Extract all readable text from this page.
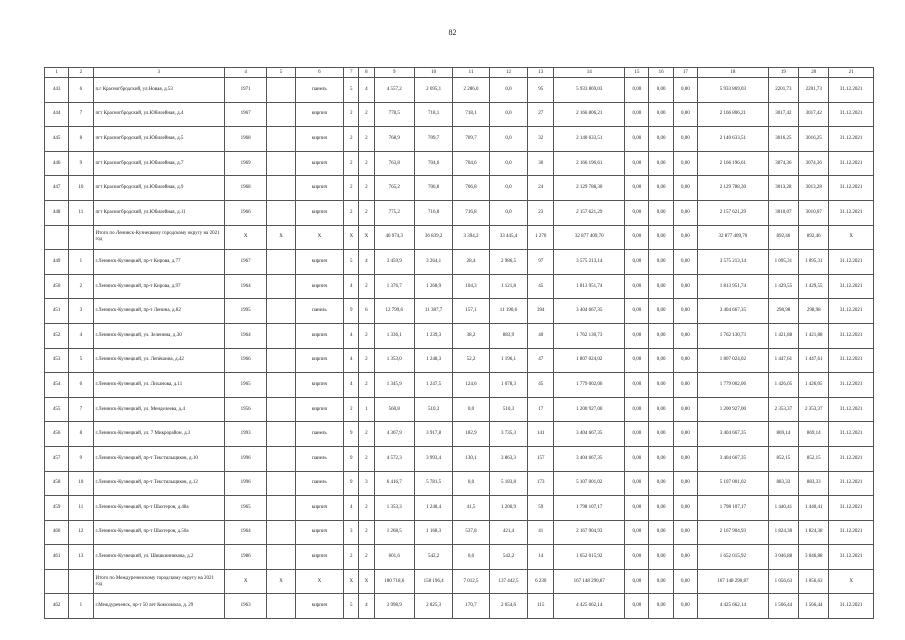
82
1	2	3	4	5	6	7	8	9	10	11	12	13	14	15	16	17	18	19	20	21
443	6	п.г Красногбродский, ул.Новая, д.53	1971		панель	5	4	4 557,2	2 695,1	2 286,0	0,0	95	5 933 869,03	0,00	0,00	0,00	5 933 869,03	2201,73	2201,73	31.12.2021
444	7	пгт Красногбродский, ул.Юбилейная, д.4	1967		кирпич	2	2	778,5	718,1	718,1	0,0	27	2 166 806,21	0,00	0,00	0,00	2 166 806,21	3017,42	3017,42	31.12.2021
445	8	пгт Красногбродский, ул.Юбилейная, д.5	1968		кирпич	2	2	768,9	709,7	709,7	0,0	32	2 140 633,51	0,00	0,00	0,00	2 140 633,51	3016,25	3016,25	31.12.2021
446	9	пгт Красногбродский, ул.Юбилейная, д.7	1969		кирпич	2	2	763,8	704,6	704,6	0,0	30	2 166 196,61	0,00	0,00	0,00	2 166 196,61	3074,36	3074,36	31.12.2021
447	10	пгт Красногбродский, ул.Юбилейная, д.9	1968		кирпич	2	2	765,2	706,8	706,8	0,0	24	2 129 788,30	0,00	0,00	0,00	2 129 788,30	3013,28	3013,28	31.12.2021
448	11	пгт Красногбродский, ул.Юбилейная, д.11	1966		кирпич	2	2	775,2	716,8	716,8	0,0	23	2 157 621,29	0,00	0,00	0,00	2 157 621,29	3010,07	3010,07	31.12.2021
		Итого по Ленинск-Кузнецкому городскому округу на 2021 год	X	X	X	X	X	40 974,3	36 839,2	3 394,2	33 445,4	1 270	32 877 409,70	0,00	0,00	0,00	32 877 409,70	892,46	892,46	X
449	1	г.Ленинск-Кузнецкий, пр-т Кирова, д.77	1967		кирпич	5	4	3 459,9	3 264,1	28,4	2 986,5	97	3 575 213,14	0,00	0,00	0,00	3 575 213,14	1 095,31	1 095,31	31.12.2021
450	2	г.Ленинск-Кузнецкий, пр-т Кирова, д.97	1964		кирпич	4	2	1 376,7	1 268,9	104,3	1 121,8	45	1 813 951,74	0,00	0,00	0,00	1 813 951,74	1 429,55	1 429,55	31.12.2021
451	3	г.Ленинск-Кузнецкий, пр-т Ленина, д.82	1995		панель	9	6	12 799,6	11 387,7	157,1	11 190,6	394	3 404 667,35	0,00	0,00	0,00	3 404 667,35	298,98	298,98	31.12.2021
452	4	г.Ленинск-Кузнецкий, ул. Зеленина, д.30	1964		кирпич	4	2	1 336,1	1 239,3	38,2	883,9	40	1 762 130,73	0,00	0,00	0,00	1 762 130,73	1 421,88	1 421,88	31.12.2021
453	5	г.Ленинск-Кузнецкий, ул. Лепёшина, д.42	1966		кирпич	4	2	1 353,0	1 248,3	52,2	1 196,1	47	1 807 024,02	0,00	0,00	0,00	1 807 024,02	1 447,61	1 447,61	31.12.2021
454	6	г.Ленинск-Кузнецкий, ул. Лиханова, д.11	1965		кирпич	4	2	1 345,9	1 247,5	124,6	1 078,3	45	1 779 002,06	0,00	0,00	0,00	1 779 002,06	1 426,05	1 426,05	31.12.2021
455	7	г.Ленинск-Кузнецкий, ул. Менделеева, д.4	1956		кирпич	2	1	560,8	510,3	0,0	510,3	17	1 200 927,00	0,00	0,00	0,00	1 200 927,00	2 353,37	2 353,37	31.12.2021
456	8	г.Ленинск-Кузнецкий, ул. 7 Микрорайон, д.3	1993		панель	9	2	4 367,9	3 917,8	182,9	3 735,3	141	3 404 667,35	0,00	0,00	0,00	3 404 667,35	869,14	869,14	31.12.2021
457	9	г.Ленинск-Кузнецкий, пр-т Текстильщиков, д.10	1996		панель	9	2	4 572,3	3 993,4	130,1	3 863,3	157	3 404 667,35	0,00	0,00	0,00	3 404 667,35	852,15	852,15	31.12.2021
458	10	г.Ленинск-Кузнецкий, пр-т Текстильщиков, д.12	1996		панель	9	3	6 416,7	5 781,5	0,0	5 183,8	173	5 107 001,02	0,00	0,00	0,00	5 107 001,02	883,33	883,33	31.12.2021
459	11	г.Ленинск-Кузнецкий, пр-т Шахтеров, д.48а	1965		кирпич	4	2	1 353,3	1 248,4	41,5	1 206,9	59	1 798 107,17	0,00	0,00	0,00	1 798 107,17	1 440,41	1 440,41	31.12.2021
460	12	г.Ленинск-Кузнецкий, пр-т Шахтеров, д.50а	1964		кирпич	3	2	1 268,5	1 168,3	537,8	421,4	41	2 167 904,93	0,00	0,00	0,00	2 167 904,93	1 824,38	1 824,38	31.12.2021
461	13	г.Ленинск-Кузнецкий, ул. Шишкинникова, д.2	1986		кирпич	2	2	601,6	542,2	0,0	542,2	14	1 652 015,92	0,00	0,00	0,00	1 652 015,92	3 046,88	3 046,88	31.12.2021
		Итого по Междуреченскому городскому округу на 2021 год	X	X	X	X	X	180 718,6	158 196,4	7 012,5	137 442,5	6 230	167 148 290,87	0,00	0,00	0,00	167 148 290,87	1 056,63	1 056,63	X
462	1	г.Междуреченск, пр-т 50 лет Комсомола, д. 29	1963		кирпич	5	4	3 998,9	2 825,3	170,7	2 654,6	115	4 425 662,14	0,00	0,00	0,00	4 425 662,14	1 566,44	1 566,44	31.12.2021
